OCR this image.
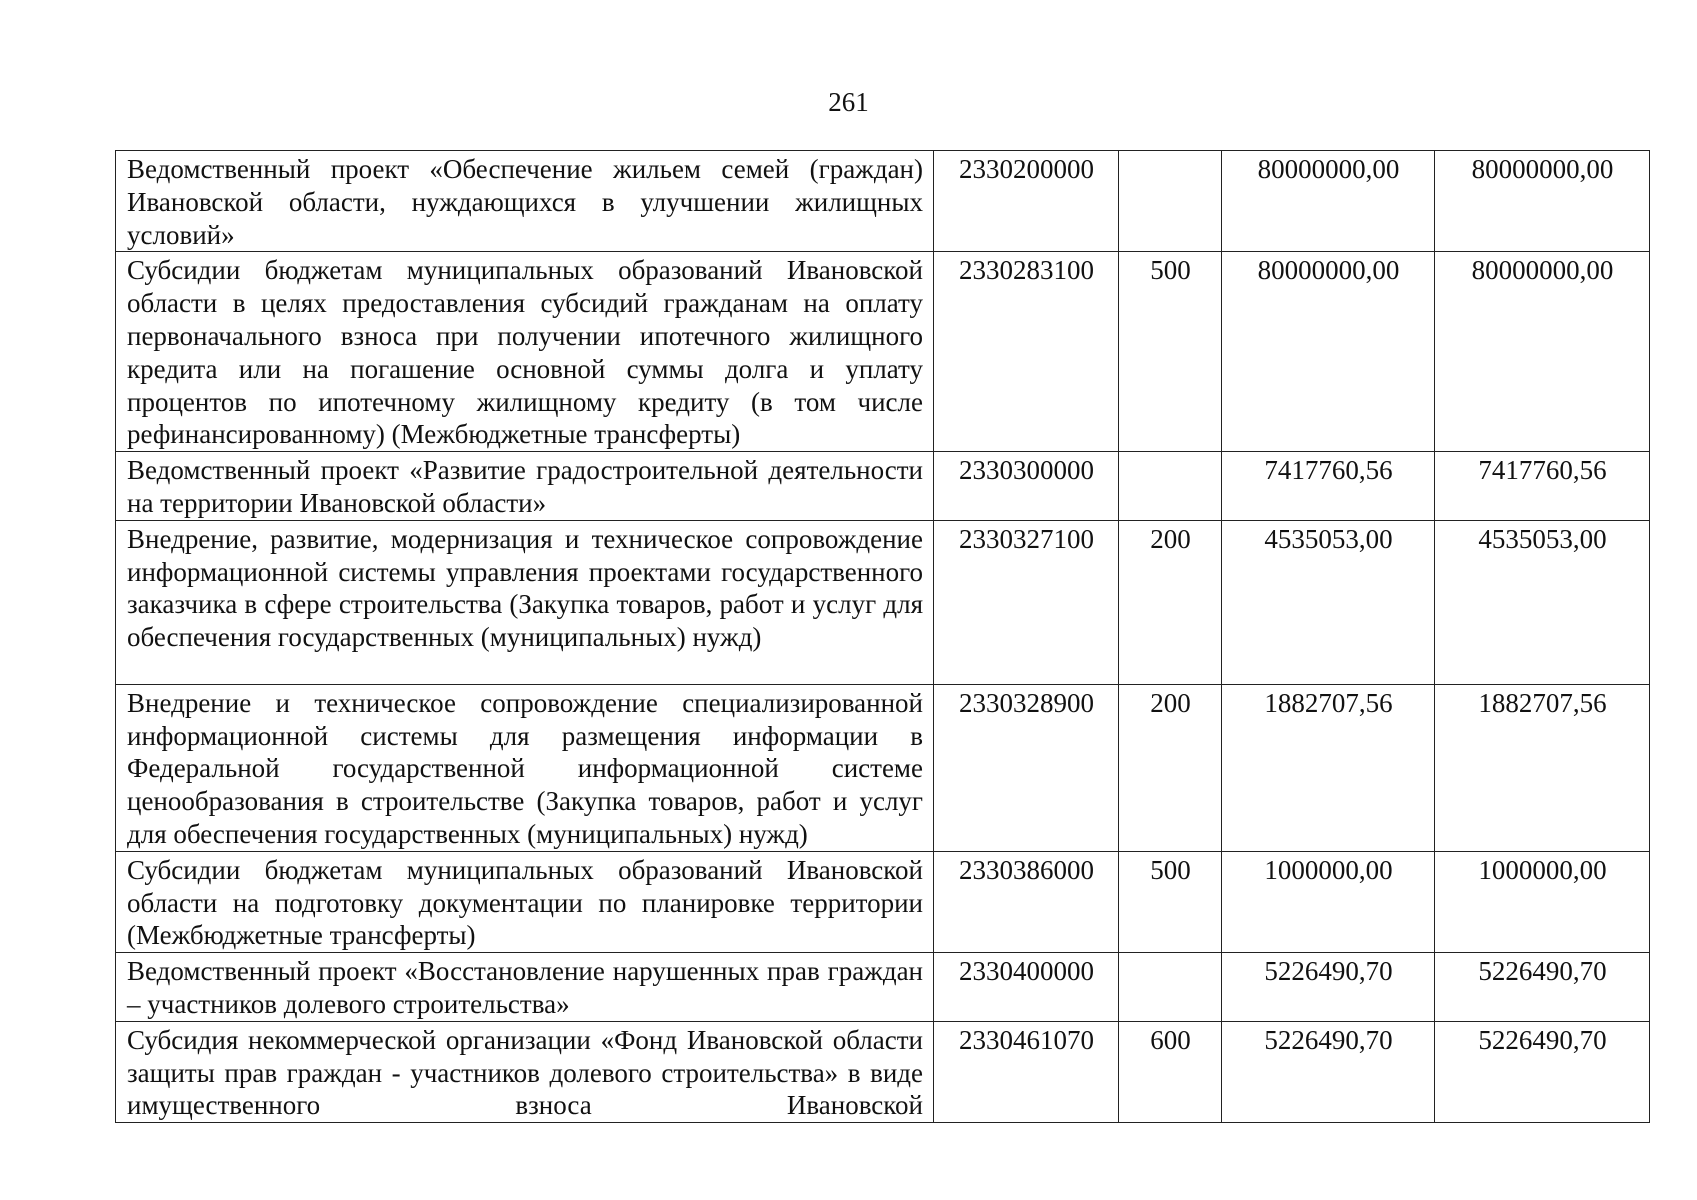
261
Ведомственный проект «Обеспечение жильем семей (граждан) Ивановской области, нуждающихся в улучшении жилищных условий»	2330200000		80000000,00	80000000,00
Субсидии бюджетам муниципальных образований Ивановской области в целях предоставления субсидий гражданам на оплату первоначального взноса при получении ипотечного жилищного кредита или на погашение основной суммы долга и уплату процентов по ипотечному жилищному кредиту (в том числе рефинансированному) (Межбюджетные трансферты)	2330283100	500	80000000,00	80000000,00
Ведомственный проект «Развитие градостроительной деятельности на территории Ивановской области»	2330300000		7417760,56	7417760,56
Внедрение, развитие, модернизация и техническое сопровождение информационной системы управления проектами государственного заказчика в сфере строительства (Закупка товаров, работ и услуг для обеспечения государственных (муниципальных) нужд)	2330327100	200	4535053,00	4535053,00
Внедрение и техническое сопровождение специализированной информационной системы для размещения информации в Федеральной государственной информационной системе ценообразования в строительстве (Закупка товаров, работ и услуг для обеспечения государственных (муниципальных) нужд)	2330328900	200	1882707,56	1882707,56
Субсидии бюджетам муниципальных образований Ивановской области на подготовку документации по планировке территории (Межбюджетные трансферты)	2330386000	500	1000000,00	1000000,00
Ведомственный проект «Восстановление нарушенных прав граждан – участников долевого строительства»	2330400000		5226490,70	5226490,70
Субсидия некоммерческой организации «Фонд Ивановской области защиты прав граждан - участников долевого строительства» в виде имущественного взноса Ивановской	2330461070	600	5226490,70	5226490,70
